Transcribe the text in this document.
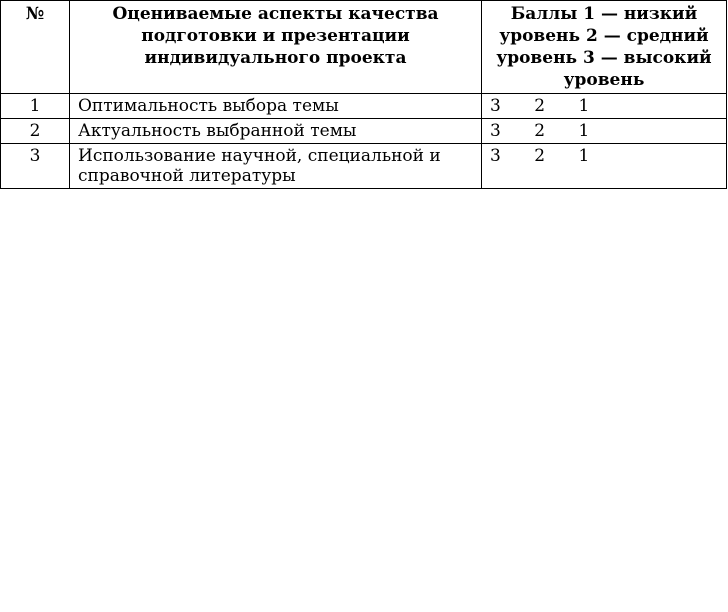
№	Оцениваемые аспекты качества подготовки и презентации индивидуального проекта	Баллы 1 — низкий уровень 2 — средний уровень 3 — высокий уровень
1	Оптимальность выбора темы	3 2 1
2	Актуальность выбранной темы	3 2 1
3	Использование научной, специальной и справочной литературы	3 2 1
